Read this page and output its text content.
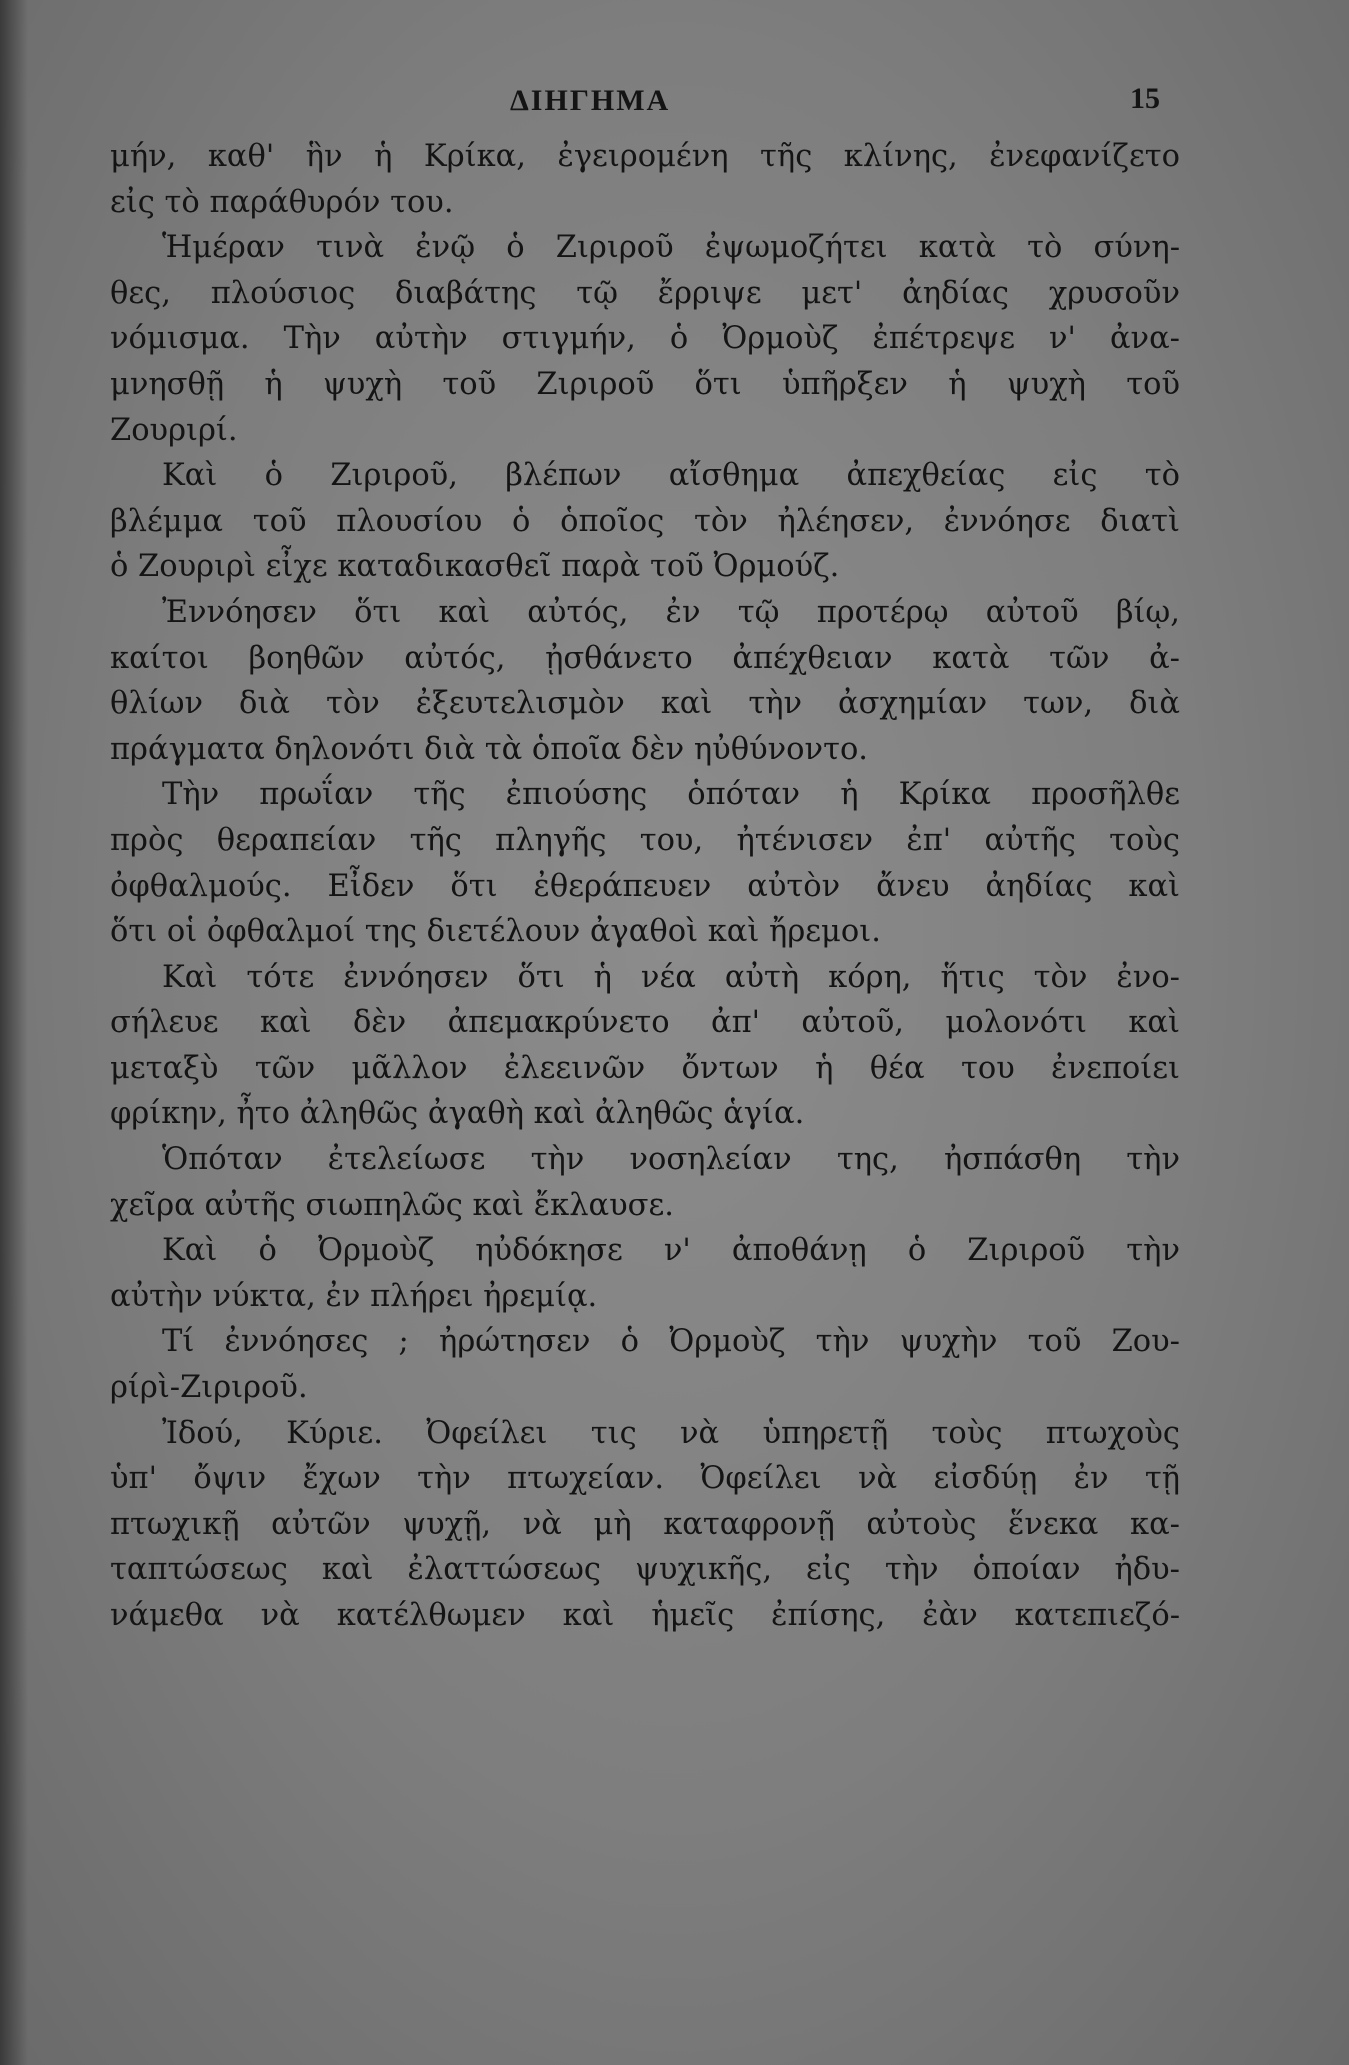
ΔΙΗΓΗΜΑ	15
μήν, καθ' ἣν ἡ Κρίκα, ἐγειρομένη τῆς κλίνης, ἐνεφανίζετο
εἰς τὸ παράθυρόν του.
Ἡμέραν τινὰ ἐνῷ ὁ Ζιριροῦ ἐψωμοζήτει κατὰ τὸ σύνη-
θες, πλούσιος διαβάτης τῷ ἔρριψε μετ' ἀηδίας χρυσοῦν
νόμισμα. Τὴν αὐτὴν στιγμήν, ὁ Ὀρμοὺζ ἐπέτρεψε ν' ἀνα-
μνησθῇ ἡ ψυχὴ τοῦ Ζιριροῦ ὅτι ὑπῆρξεν ἡ ψυχὴ τοῦ
Ζουριρί.
Καὶ ὁ Ζιριροῦ, βλέπων αἴσθημα ἀπεχθείας εἰς τὸ
βλέμμα τοῦ πλουσίου ὁ ὁποῖος τὸν ἠλέησεν, ἐννόησε διατὶ
ὁ Ζουριρὶ εἶχε καταδικασθεῖ παρὰ τοῦ Ὀρμούζ.
Ἐννόησεν ὅτι καὶ αὐτός, ἐν τῷ προτέρῳ αὐτοῦ βίῳ,
καίτοι βοηθῶν αὐτός, ᾐσθάνετο ἀπέχθειαν κατὰ τῶν ἀ-
θλίων διὰ τὸν ἐξευτελισμὸν καὶ τὴν ἀσχημίαν των, διὰ
πράγματα δηλονότι διὰ τὰ ὁποῖα δὲν ηὐθύνοντο.
Τὴν πρωΐαν τῆς ἐπιούσης ὁπόταν ἡ Κρίκα προσῆλθε
πρὸς θεραπείαν τῆς πληγῆς του, ἠτένισεν ἐπ' αὐτῆς τοὺς
ὀφθαλμούς. Εἶδεν ὅτι ἐθεράπευεν αὐτὸν ἄνευ ἀηδίας καὶ
ὅτι οἱ ὀφθαλμοί της διετέλουν ἀγαθοὶ καὶ ἤρεμοι.
Καὶ τότε ἐννόησεν ὅτι ἡ νέα αὐτὴ κόρη, ἥτις τὸν ἐνο-
σήλευε καὶ δὲν ἀπεμακρύνετο ἀπ' αὐτοῦ, μολονότι καὶ
μεταξὺ τῶν μᾶλλον ἐλεεινῶν ὄντων ἡ θέα του ἐνεποίει
φρίκην, ἦτο ἀληθῶς ἀγαθὴ καὶ ἀληθῶς ἁγία.
Ὁπόταν ἐτελείωσε τὴν νοσηλείαν της, ἠσπάσθη τὴν
χεῖρα αὐτῆς σιωπηλῶς καὶ ἔκλαυσε.
Καὶ ὁ Ὀρμοὺζ ηὐδόκησε ν' ἀποθάνῃ ὁ Ζιριροῦ τὴν
αὐτὴν νύκτα, ἐν πλήρει ἠρεμίᾳ.
Τί ἐννόησες ; ἠρώτησεν ὁ Ὀρμοὺζ τὴν ψυχὴν τοῦ Ζου-
ρίρὶ-Ζιριροῦ.
Ἰδού, Κύριε. Ὀφείλει τις νὰ ὑπηρετῇ τοὺς πτωχοὺς
ὑπ' ὄψιν ἔχων τὴν πτωχείαν. Ὀφείλει νὰ εἰσδύῃ ἐν τῇ
πτωχικῇ αὐτῶν ψυχῇ, νὰ μὴ καταφρονῇ αὐτοὺς ἕνεκα κα-
ταπτώσεως καὶ ἐλαττώσεως ψυχικῆς, εἰς τὴν ὁποίαν ἠδυ-
νάμεθα νὰ κατέλθωμεν καὶ ἡμεῖς ἐπίσης, ἐὰν κατεπιεζό-
